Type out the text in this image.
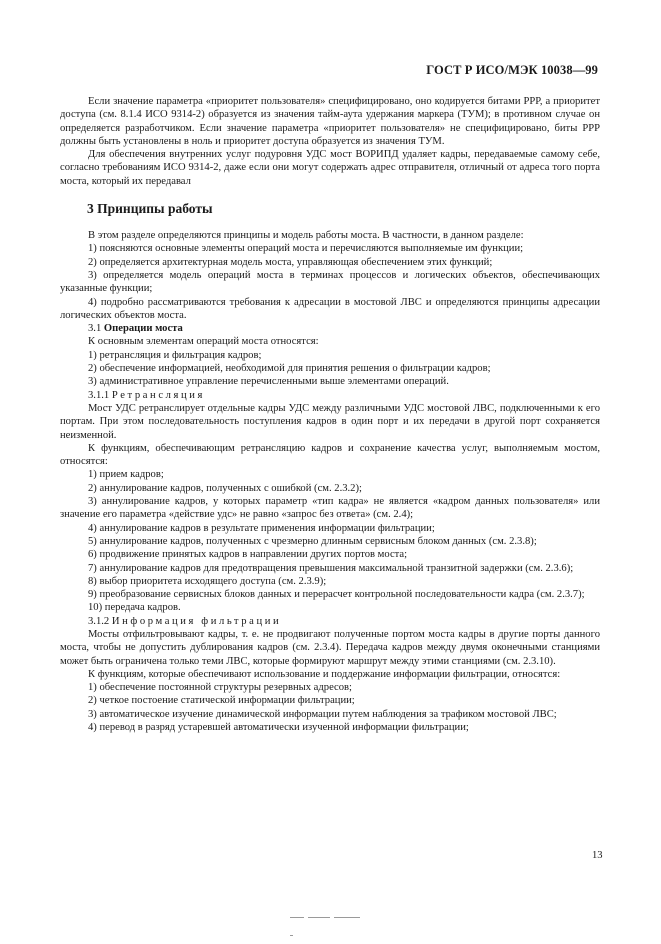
ГОСТ Р ИСО/МЭК 10038—99

Если значение параметра «приоритет пользователя» специфицировано, оно кодируется битами РРР, а приоритет доступа (см. 8.1.4 ИСО 9314-2) образуется из значения тайм-аута удержания маркера (ТУМ); в противном случае он определяется разработчиком. Если значение параметра «приоритет пользователя» не специфицировано, биты РРР должны быть установлены в ноль и приоритет доступа образуется из значения ТУМ.

Для обеспечения внутренних услуг подуровня УДС мост ВОРИПД удаляет кадры, передаваемые самому себе, согласно требованиям ИСО 9314-2, даже если они могут содержать адрес отправителя, отличный от адреса того порта моста, который их передавал

3 Принципы работы

В этом разделе определяются принципы и модель работы моста. В частности, в данном разделе:

1) поясняются основные элементы операций моста и перечисляются выполняемые им функции;

2) определяется архитектурная модель моста, управляющая обеспечением этих функций;

3) определяется модель операций моста в терминах процессов и логических объектов, обеспечивающих указанные функции;

4) подробно рассматриваются требования к адресации в мостовой ЛВС и определяются принципы адресации логических объектов моста.

3.1 Операции моста

К основным элементам операций моста относятся:

1) ретрансляция и фильтрация кадров;

2) обеспечение информацией, необходимой для принятия решения о фильтрации кадров;

3) административное управление перечисленными выше элементами операций.

3.1.1 Ретрансляция

Мост УДС ретранслирует отдельные кадры УДС между различными УДС мостовой ЛВС, подключенными к его портам. При этом последовательность поступления кадров в один порт и их передачи в другой порт сохраняется неизменной.

К функциям, обеспечивающим ретрансляцию кадров и сохранение качества услуг, выполняемым мостом, относятся:

1) прием кадров;

2) аннулирование кадров, полученных с ошибкой (см. 2.3.2);

3) аннулирование кадров, у которых параметр «тип кадра» не является «кадром данных пользователя» или значение его параметра «действие удс» не равно «запрос без ответа» (см. 2.4);

4) аннулирование кадров в результате применения информации фильтрации;

5) аннулирование кадров, полученных с чрезмерно длинным сервисным блоком данных (см. 2.3.8);

6) продвижение принятых кадров в направлении других портов моста;

7) аннулирование кадров для предотвращения превышения максимальной транзитной задержки (см. 2.3.6);

8) выбор приоритета исходящего доступа (см. 2.3.9);

9) преобразование сервисных блоков данных и перерасчет контрольной последовательности кадра (см. 2.3.7);

10) передача кадров.

3.1.2 Информация фильтрации

Мосты отфильтровывают кадры, т. е. не продвигают полученные портом моста кадры в другие порты данного моста, чтобы не допустить дублирования кадров (см. 2.3.4). Передача кадров между двумя оконечными станциями может быть ограничена только теми ЛВС, которые формируют маршрут между этими станциями (см. 2.3.10).

К функциям, которые обеспечивают использование и поддержание информации фильтрации, относятся:

1) обеспечение постоянной структуры резервных адресов;

2) четкое постоение статической информации фильтрации;

3) автоматическое изучение динамической информации путем наблюдения за трафиком мостовой ЛВС;

4) перевод в разряд устаревшей автоматически изученной информации фильтрации;

13
